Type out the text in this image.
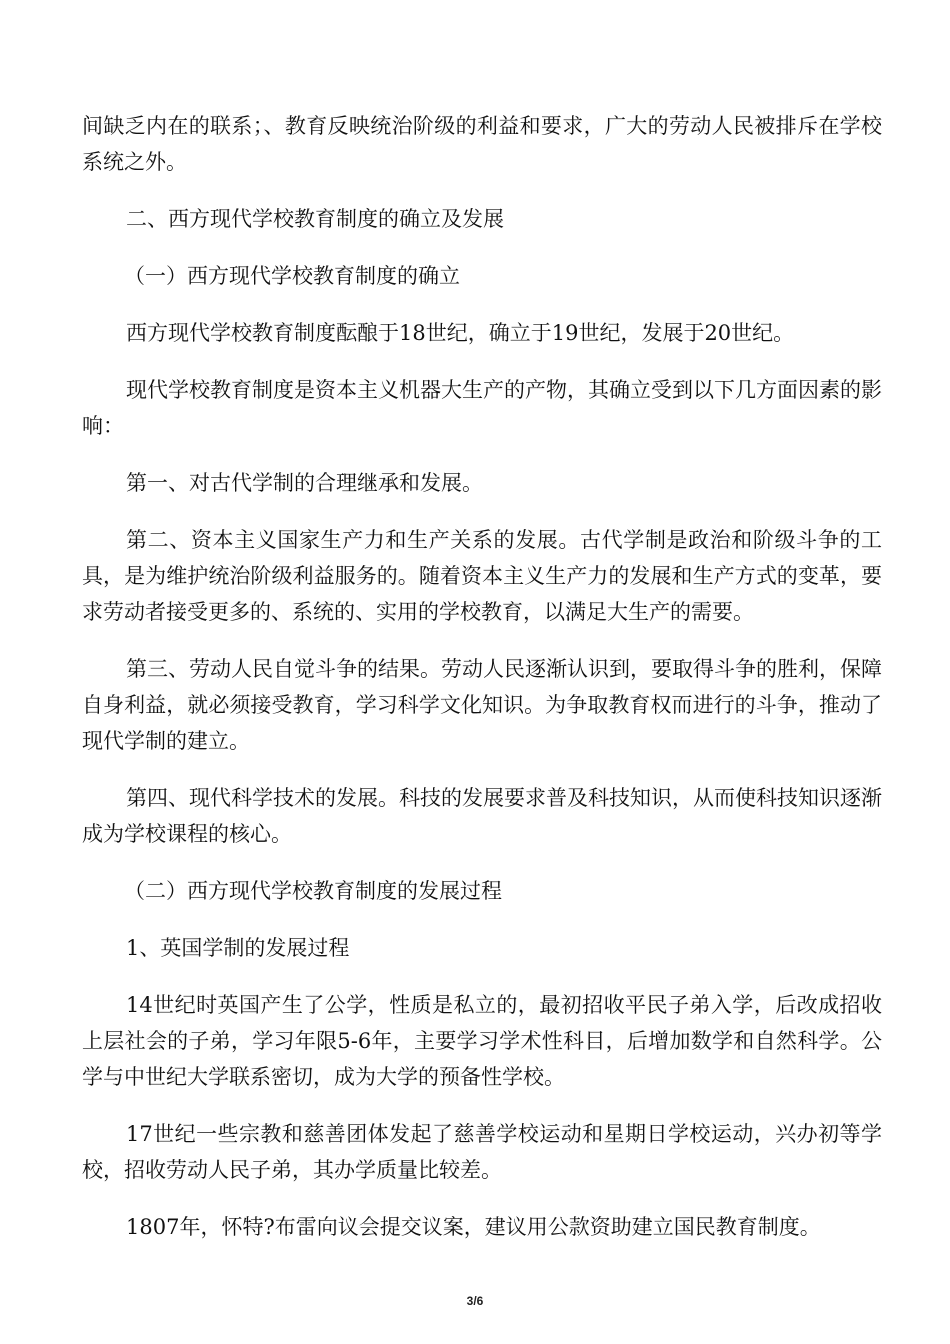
间缺乏内在的联系；、教育反映统治阶级的利益和要求，广大的劳动人民被排斥在学校系统之外。

二、西方现代学校教育制度的确立及发展

（一）西方现代学校教育制度的确立

西方现代学校教育制度酝酿于18世纪，确立于19世纪，发展于20世纪。

现代学校教育制度是资本主义机器大生产的产物，其确立受到以下几方面因素的影响：

第一、对古代学制的合理继承和发展。

第二、资本主义国家生产力和生产关系的发展。古代学制是政治和阶级斗争的工具，是为维护统治阶级利益服务的。随着资本主义生产力的发展和生产方式的变革，要求劳动者接受更多的、系统的、实用的学校教育，以满足大生产的需要。

第三、劳动人民自觉斗争的结果。劳动人民逐渐认识到，要取得斗争的胜利，保障自身利益，就必须接受教育，学习科学文化知识。为争取教育权而进行的斗争，推动了现代学制的建立。

第四、现代科学技术的发展。科技的发展要求普及科技知识，从而使科技知识逐渐成为学校课程的核心。

（二）西方现代学校教育制度的发展过程

1、英国学制的发展过程

14世纪时英国产生了公学，性质是私立的，最初招收平民子弟入学，后改成招收上层社会的子弟，学习年限5-6年，主要学习学术性科目，后增加数学和自然科学。公学与中世纪大学联系密切，成为大学的预备性学校。

17世纪一些宗教和慈善团体发起了慈善学校运动和星期日学校运动，兴办初等学校，招收劳动人民子弟，其办学质量比较差。

1807年，怀特?布雷向议会提交议案，建议用公款资助建立国民教育制度。

3/6
